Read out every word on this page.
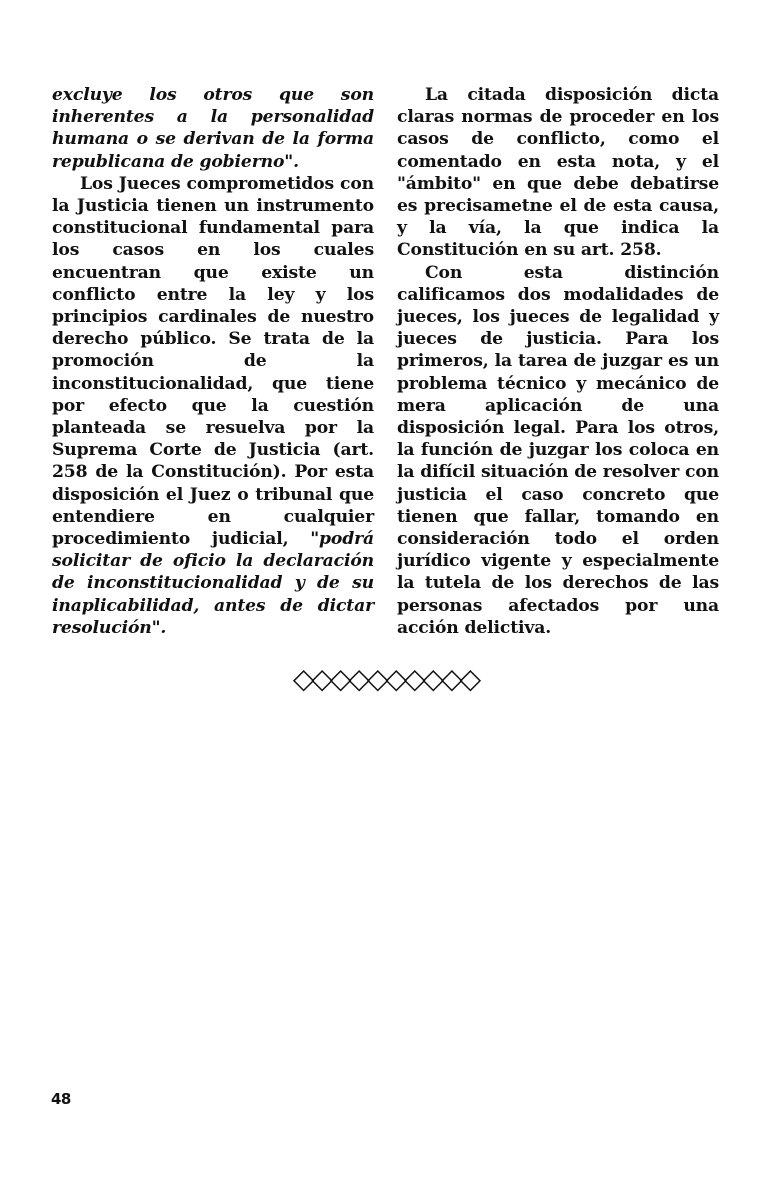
excluye los otros que son inherentes a la personalidad humana o se derivan de la forma republicana de gobierno".

Los Jueces comprometidos con la Justicia tienen un instrumento constitucional fundamental para los casos en los cuales encuentran que existe un conflicto entre la ley y los principios cardinales de nuestro derecho público. Se trata de la promoción de la inconstitucionalidad, que tiene por efecto que la cuestión planteada se resuelva por la Suprema Corte de Justicia (art. 258 de la Constitución). Por esta disposición el Juez o tribunal que entendiere en cualquier procedimiento judicial, "podrá solicitar de oficio la declaración de inconstitucionalidad y de su inaplicabilidad, antes de dictar resolución".

La citada disposición dicta claras normas de proceder en los casos de conflicto, como el comentado en esta nota, y el "ámbito" en que debe debatirse es precisametne el de esta causa, y la vía, la que indica la Constitución en su art. 258.

Con esta distinción calificamos dos modalidades de jueces, los jueces de legalidad y jueces de justicia. Para los primeros, la tarea de juzgar es un problema técnico y mecánico de mera aplicación de una disposición legal. Para los otros, la función de juzgar los coloca en la difícil situación de resolver con justicia el caso concreto que tienen que fallar, tomando en consideración todo el orden jurídico vigente y especialmente la tutela de los derechos de las personas afectados por una acción delictiva.

◇◇◇◇◇◇◇◇◇◇
48
